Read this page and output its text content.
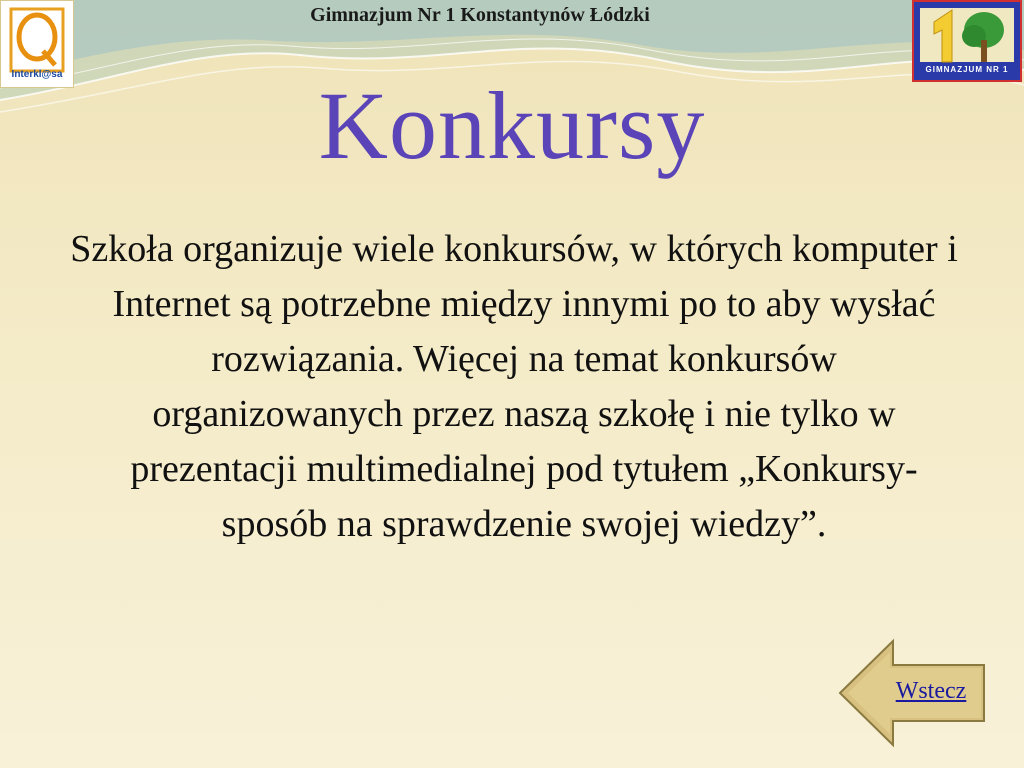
Gimnazjum Nr 1 Konstantynów Łódzki
Interkl@sa	GIMNAZJUM NR 1
Konkursy
Szkoła organizuje wiele konkursów, w których komputer i Internet są potrzebne między innymi po to aby wysłać rozwiązania. Więcej na temat konkursów organizowanych przez naszą szkołę i nie tylko w prezentacji multimedialnej pod tytułem „Konkursy- sposób na sprawdzenie swojej wiedzy”.
Wstecz
